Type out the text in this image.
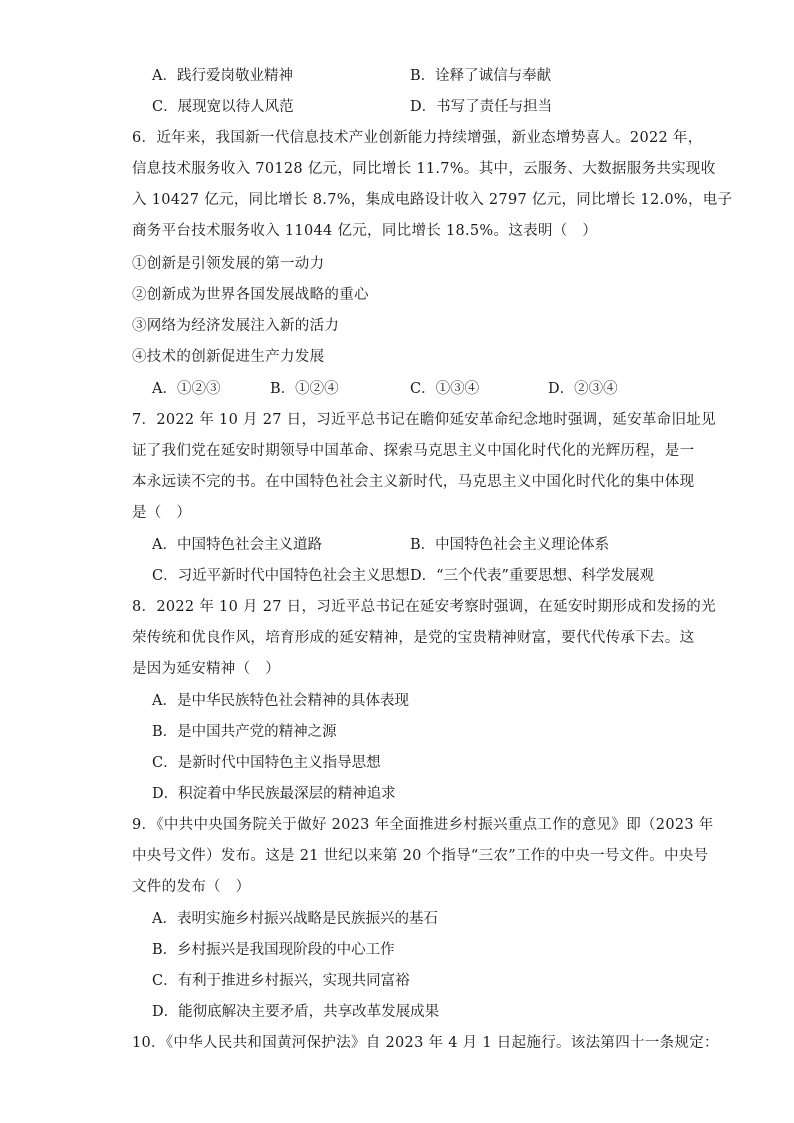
A．践行爱岗敬业精神	B．诠释了诚信与奉献
C．展现宽以待人风范	D．书写了责任与担当
6．近年来，我国新一代信息技术产业创新能力持续增强，新业态增势喜人。2022 年，
信息技术服务收入 70128 亿元，同比增长 11.7%。其中，云服务、大数据服务共实现收
入 10427 亿元，同比增长 8.7%，集成电路设计收入 2797 亿元，同比增长 12.0%，电子
商务平台技术服务收入 11044 亿元，同比增长 18.5%。这表明（　）
①创新是引领发展的第一动力
②创新成为世界各国发展战略的重心
③网络为经济发展注入新的活力
④技术的创新促进生产力发展
A．①②③	B．①②④	C．①③④	D．②③④
7．2022 年 10 月 27 日，习近平总书记在瞻仰延安革命纪念地时强调，延安革命旧址见
证了我们党在延安时期领导中国革命、探索马克思主义中国化时代化的光辉历程，是一
本永远读不完的书。在中国特色社会主义新时代，马克思主义中国化时代化的集中体现
是（　）
A．中国特色社会主义道路	B．中国特色社会主义理论体系
C．习近平新时代中国特色社会主义思想 D．“三个代表”重要思想、科学发展观
8．2022 年 10 月 27 日，习近平总书记在延安考察时强调，在延安时期形成和发扬的光
荣传统和优良作风，培育形成的延安精神，是党的宝贵精神财富，要代代传承下去。这
是因为延安精神（　）
A．是中华民族特色社会精神的具体表现
B．是中国共产党的精神之源
C．是新时代中国特色主义指导思想
D．积淀着中华民族最深层的精神追求
9．《中共中央国务院关于做好 2023 年全面推进乡村振兴重点工作的意见》即（2023 年
中央号文件）发布。这是 21 世纪以来第 20 个指导“三农”工作的中央一号文件。中央号
文件的发布（　）
A．表明实施乡村振兴战略是民族振兴的基石
B．乡村振兴是我国现阶段的中心工作
C．有利于推进乡村振兴，实现共同富裕
D．能彻底解决主要矛盾，共享改革发展成果
10．《中华人民共和国黄河保护法》自 2023 年 4 月 1 日起施行。该法第四十一条规定：
